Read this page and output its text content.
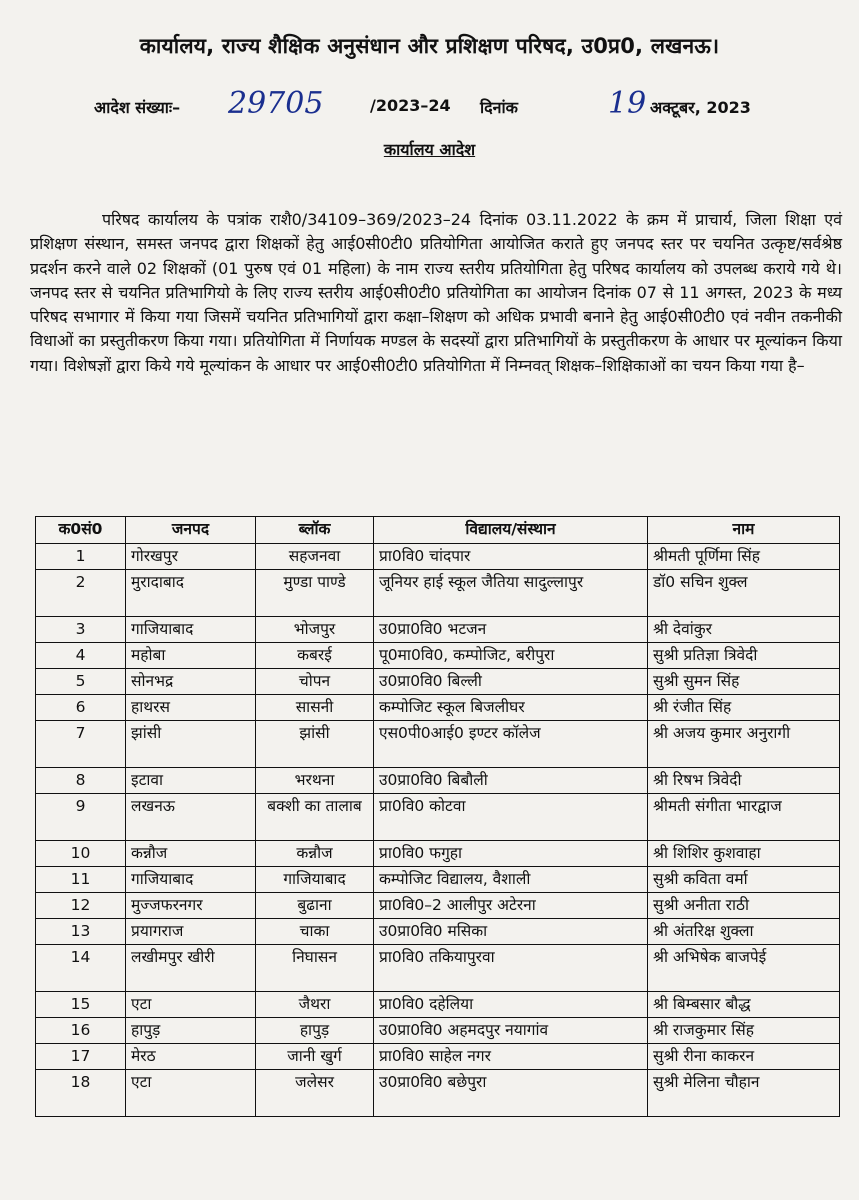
कार्यालय, राज्य शैक्षिक अनुसंधान और प्रशिक्षण परिषद, उ0प्र0, लखनऊ।
आदेश संख्याः– 29705	/2023–24 दिनांक	19 अक्टूबर, 2023
कार्यालय आदेश

परिषद कार्यालय के पत्रांक राशै0/34109–369/2023–24 दिनांक 03.11.2022 के क्रम में प्राचार्य, जिला शिक्षा एवं प्रशिक्षण संस्थान, समस्त जनपद द्वारा शिक्षकों हेतु आई0सी0टी0 प्रतियोगिता आयोजित कराते हुए जनपद स्तर पर चयनित उत्कृष्ट/सर्वश्रेष्ठ प्रदर्शन करने वाले 02 शिक्षकों (01 पुरुष एवं 01 महिला) के नाम राज्य स्तरीय प्रतियोगिता हेतु परिषद कार्यालय को उपलब्ध कराये गये थे। जनपद स्तर से चयनित प्रतिभागियो के लिए राज्य स्तरीय आई0सी0टी0 प्रतियोगिता का आयोजन दिनांक 07 से 11 अगस्त, 2023 के मध्य परिषद सभागार में किया गया जिसमें चयनित प्रतिभागियों द्वारा कक्षा–शिक्षण को अधिक प्रभावी बनाने हेतु आई0सी0टी0 एवं नवीन तकनीकी विधाओं का प्रस्तुतीकरण किया गया। प्रतियोगिता में निर्णायक मण्डल के सदस्यों द्वारा प्रतिभागियों के प्रस्तुतीकरण के आधार पर मूल्यांकन किया गया। विशेषज्ञों द्वारा किये गये मूल्यांकन के आधार पर आई0सी0टी0 प्रतियोगिता में निम्नवत् शिक्षक–शिक्षिकाओं का चयन किया गया है–

क0सं0	जनपद	ब्लॉक	विद्यालय/संस्थान	नाम
1	गोरखपुर	सहजनवा	प्रा0वि0 चांदपार	श्रीमती पूर्णिमा सिंह
2	मुरादाबाद	मुण्डा पाण्डे	जूनियर हाई स्कूल जैतिया सादुल्लापुर	डॉ0 सचिन शुक्ल
3	गाजियाबाद	भोजपुर	उ0प्रा0वि0 भटजन	श्री देवांकुर
4	महोबा	कबरई	पू0मा0वि0, कम्पोजिट, बरीपुरा	सुश्री प्रतिज्ञा त्रिवेदी
5	सोनभद्र	चोपन	उ0प्रा0वि0 बिल्ली	सुश्री सुमन सिंह
6	हाथरस	सासनी	कम्पोजिट स्कूल बिजलीघर	श्री रंजीत सिंह
7	झांसी	झांसी	एस0पी0आई0 इण्टर कॉलेज	श्री अजय कुमार अनुरागी
8	इटावा	भरथना	उ0प्रा0वि0 बिबौली	श्री रिषभ त्रिवेदी
9	लखनऊ	बक्शी का तालाब	प्रा0वि0 कोटवा	श्रीमती संगीता भारद्वाज
10	कन्नौज	कन्नौज	प्रा0वि0 फगुहा	श्री शिशिर कुशवाहा
11	गाजियाबाद	गाजियाबाद	कम्पोजिट विद्यालय, वैशाली	सुश्री कविता वर्मा
12	मुज्जफरनगर	बुढाना	प्रा0वि0–2 आलीपुर अटेरना	सुश्री अनीता राठी
13	प्रयागराज	चाका	उ0प्रा0वि0 मसिका	श्री अंतरिक्ष शुक्ला
14	लखीमपुर खीरी	निघासन	प्रा0वि0 तकियापुरवा	श्री अभिषेक बाजपेई
15	एटा	जैथरा	प्रा0वि0 दहेलिया	श्री बिम्बसार बौद्ध
16	हापुड़	हापुड़	उ0प्रा0वि0 अहमदपुर नयागांव	श्री राजकुमार सिंह
17	मेरठ	जानी खुर्ग	प्रा0वि0 साहेल नगर	सुश्री रीना काकरन
18	एटा	जलेसर	उ0प्रा0वि0 बछेपुरा	सुश्री मेलिना चौहान
